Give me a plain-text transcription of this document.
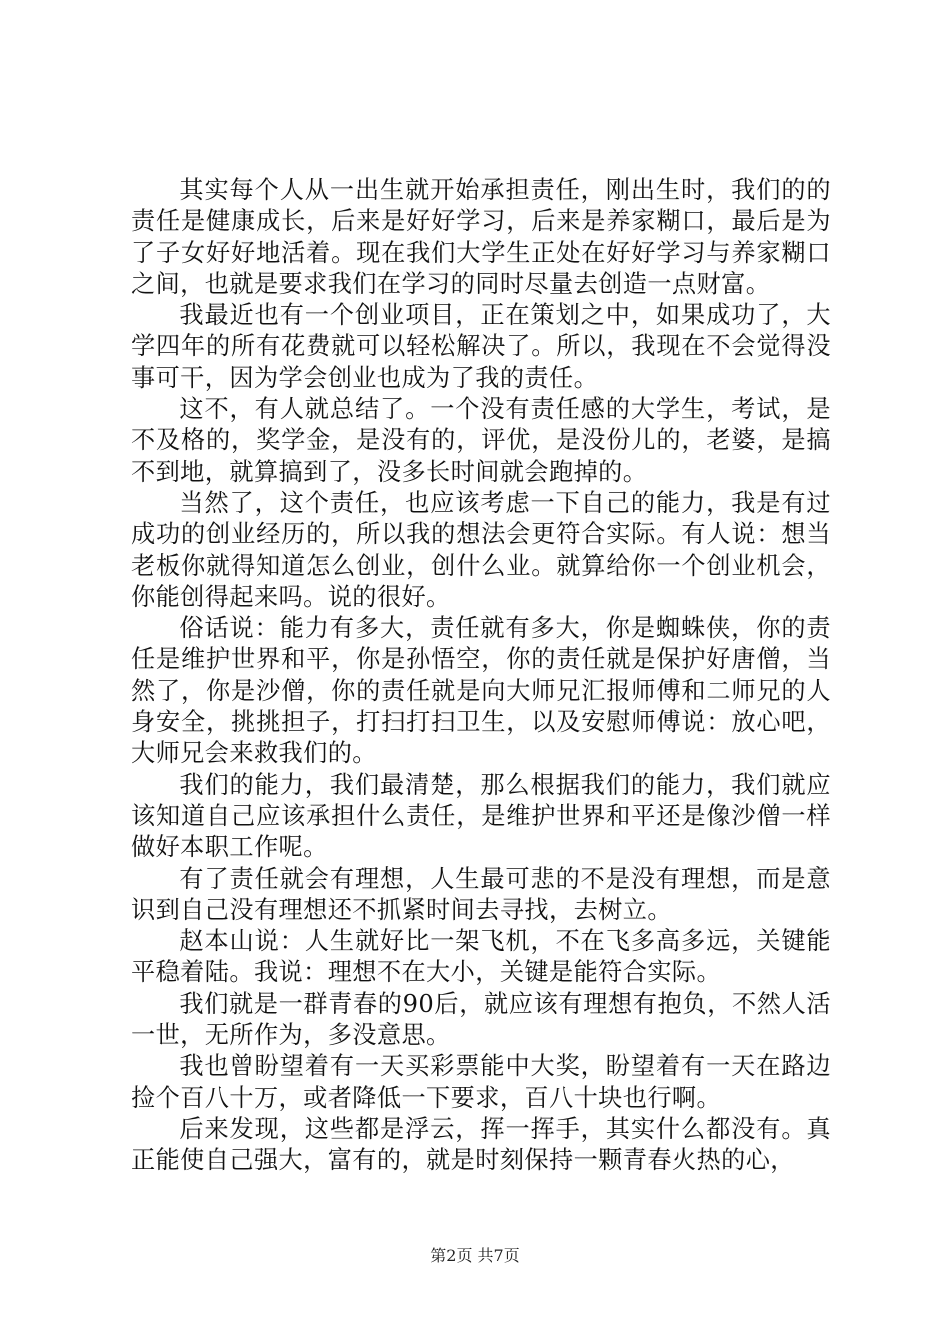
其实每个人从一出生就开始承担责任，刚出生时，我们的的责任是健康成长，后来是好好学习，后来是养家糊口，最后是为了子女好好地活着。现在我们大学生正处在好好学习与养家糊口之间，也就是要求我们在学习的同时尽量去创造一点财富。

我最近也有一个创业项目，正在策划之中，如果成功了，大学四年的所有花费就可以轻松解决了。所以，我现在不会觉得没事可干，因为学会创业也成为了我的责任。

这不，有人就总结了。一个没有责任感的大学生，考试，是不及格的，奖学金，是没有的，评优，是没份儿的，老婆，是搞不到地，就算搞到了，没多长时间就会跑掉的。

当然了，这个责任，也应该考虑一下自己的能力，我是有过成功的创业经历的，所以我的想法会更符合实际。有人说：想当老板你就得知道怎么创业，创什么业。就算给你一个创业机会，你能创得起来吗。说的很好。

俗话说：能力有多大，责任就有多大，你是蜘蛛侠，你的责任是维护世界和平，你是孙悟空，你的责任就是保护好唐僧，当然了，你是沙僧，你的责任就是向大师兄汇报师傅和二师兄的人身安全，挑挑担子，打扫打扫卫生，以及安慰师傅说：放心吧，大师兄会来救我们的。

我们的能力，我们最清楚，那么根据我们的能力，我们就应该知道自己应该承担什么责任，是维护世界和平还是像沙僧一样做好本职工作呢。

有了责任就会有理想，人生最可悲的不是没有理想，而是意识到自己没有理想还不抓紧时间去寻找，去树立。

赵本山说：人生就好比一架飞机，不在飞多高多远，关键能平稳着陆。我说：理想不在大小，关键是能符合实际。

我们就是一群青春的90后，就应该有理想有抱负，不然人活一世，无所作为，多没意思。

我也曾盼望着有一天买彩票能中大奖，盼望着有一天在路边捡个百八十万，或者降低一下要求，百八十块也行啊。

后来发现，这些都是浮云，挥一挥手，其实什么都没有。真正能使自己强大，富有的，就是时刻保持一颗青春火热的心，

第2页 共7页
